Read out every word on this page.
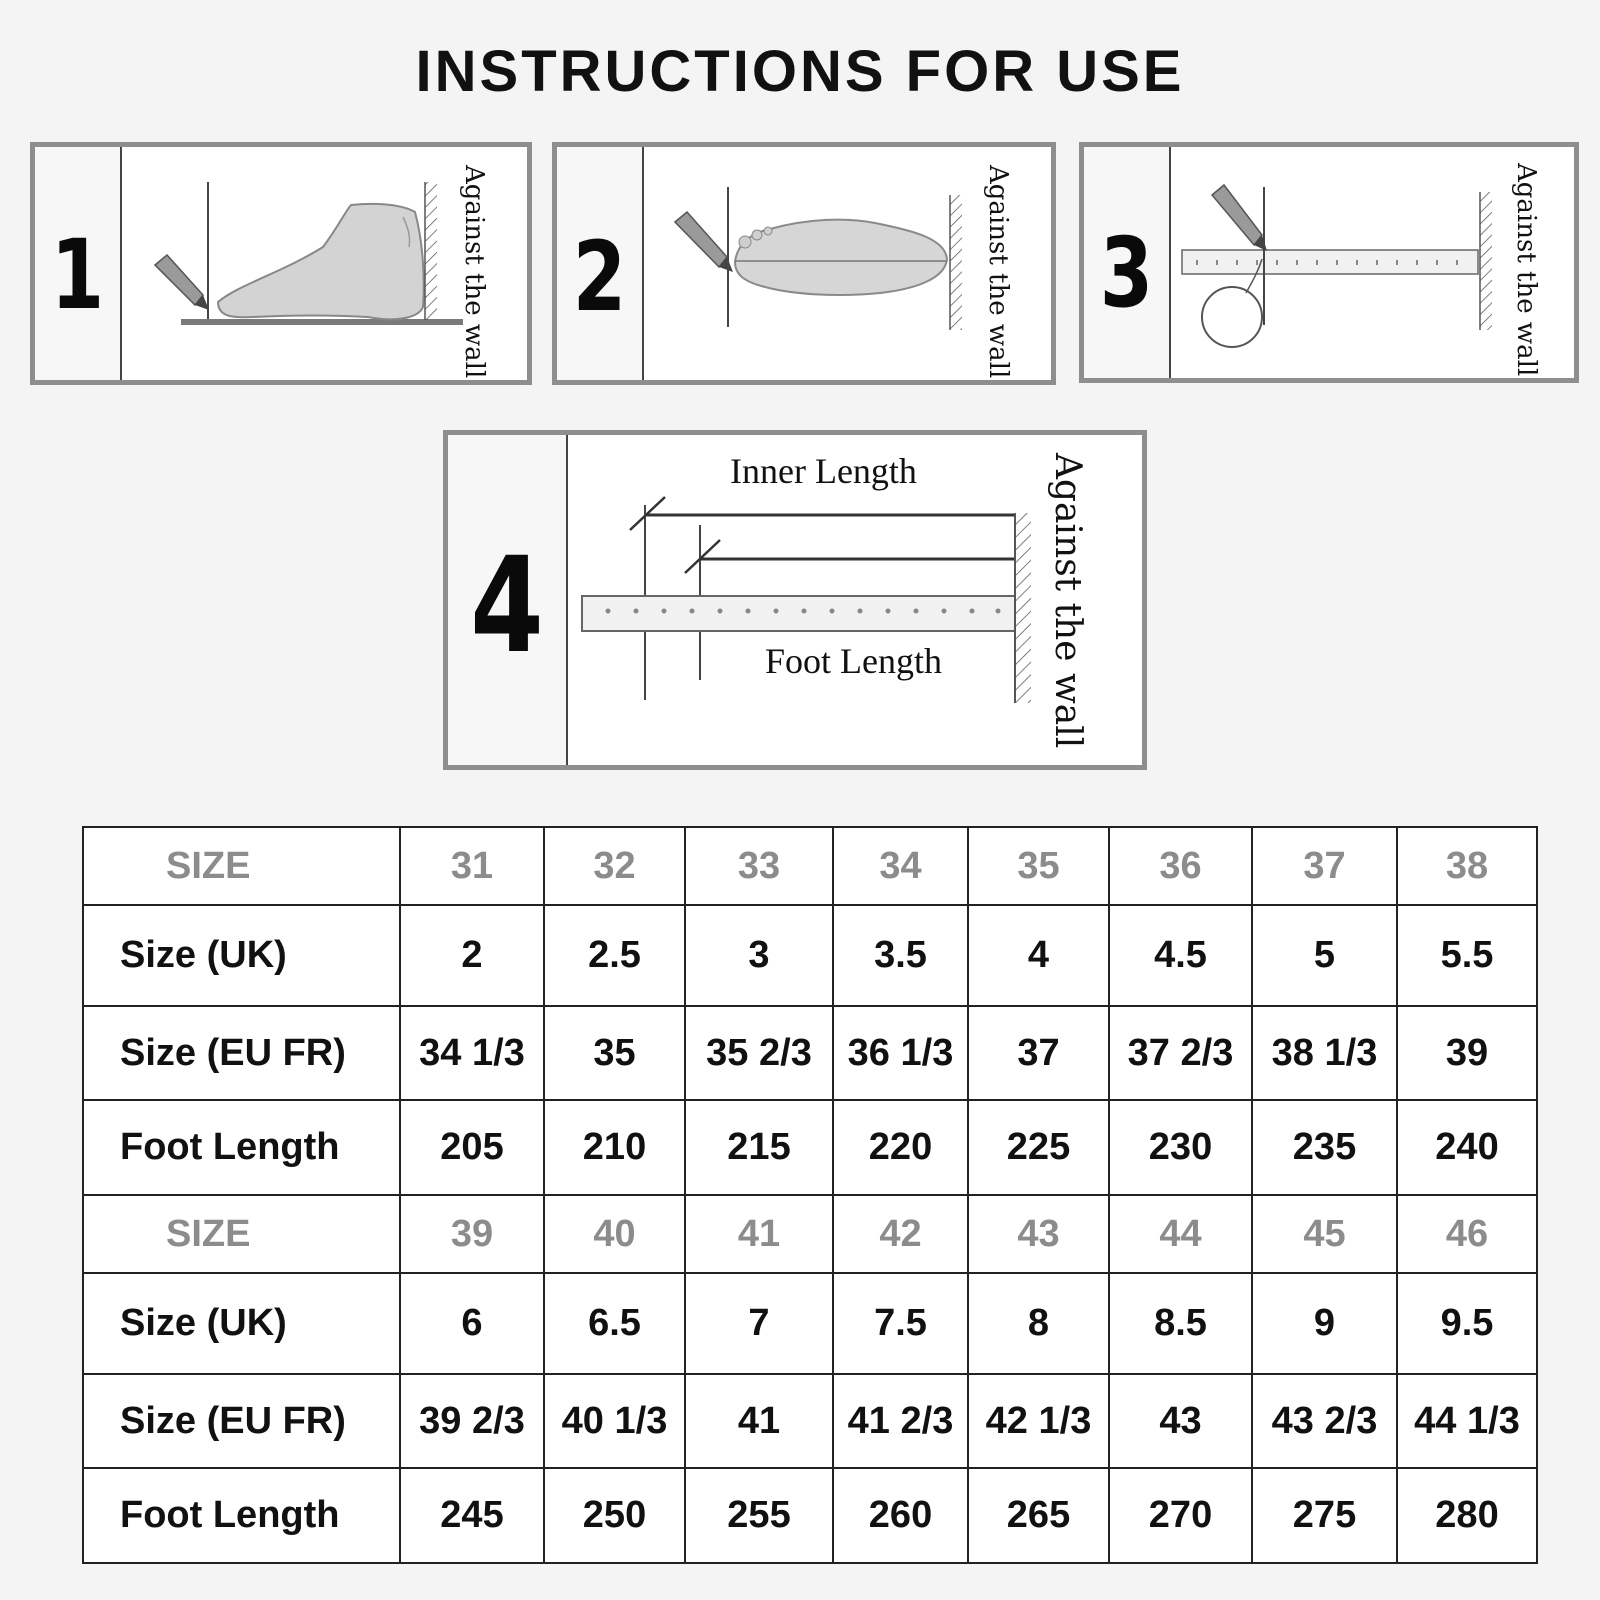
INSTRUCTIONS FOR USE
1	Against the wall 2	Against the wall 3	Against the wall
4
Inner Length
Foot Length	Against the wall
SIZE	31	32	33	34	35	36	37	38
Size (UK)	2	2.5	3	3.5	4	4.5	5	5.5
Size (EU FR)	34 1/3	35	35 2/3	36 1/3	37	37 2/3	38 1/3	39
Foot Length	205	210	215	220	225	230	235	240
SIZE	39	40	41	42	43	44	45	46
Size (UK)	6	6.5	7	7.5	8	8.5	9	9.5
Size (EU FR)	39 2/3	40 1/3	41	41 2/3	42 1/3	43	43 2/3	44 1/3
Foot Length	245	250	255	260	265	270	275	280
